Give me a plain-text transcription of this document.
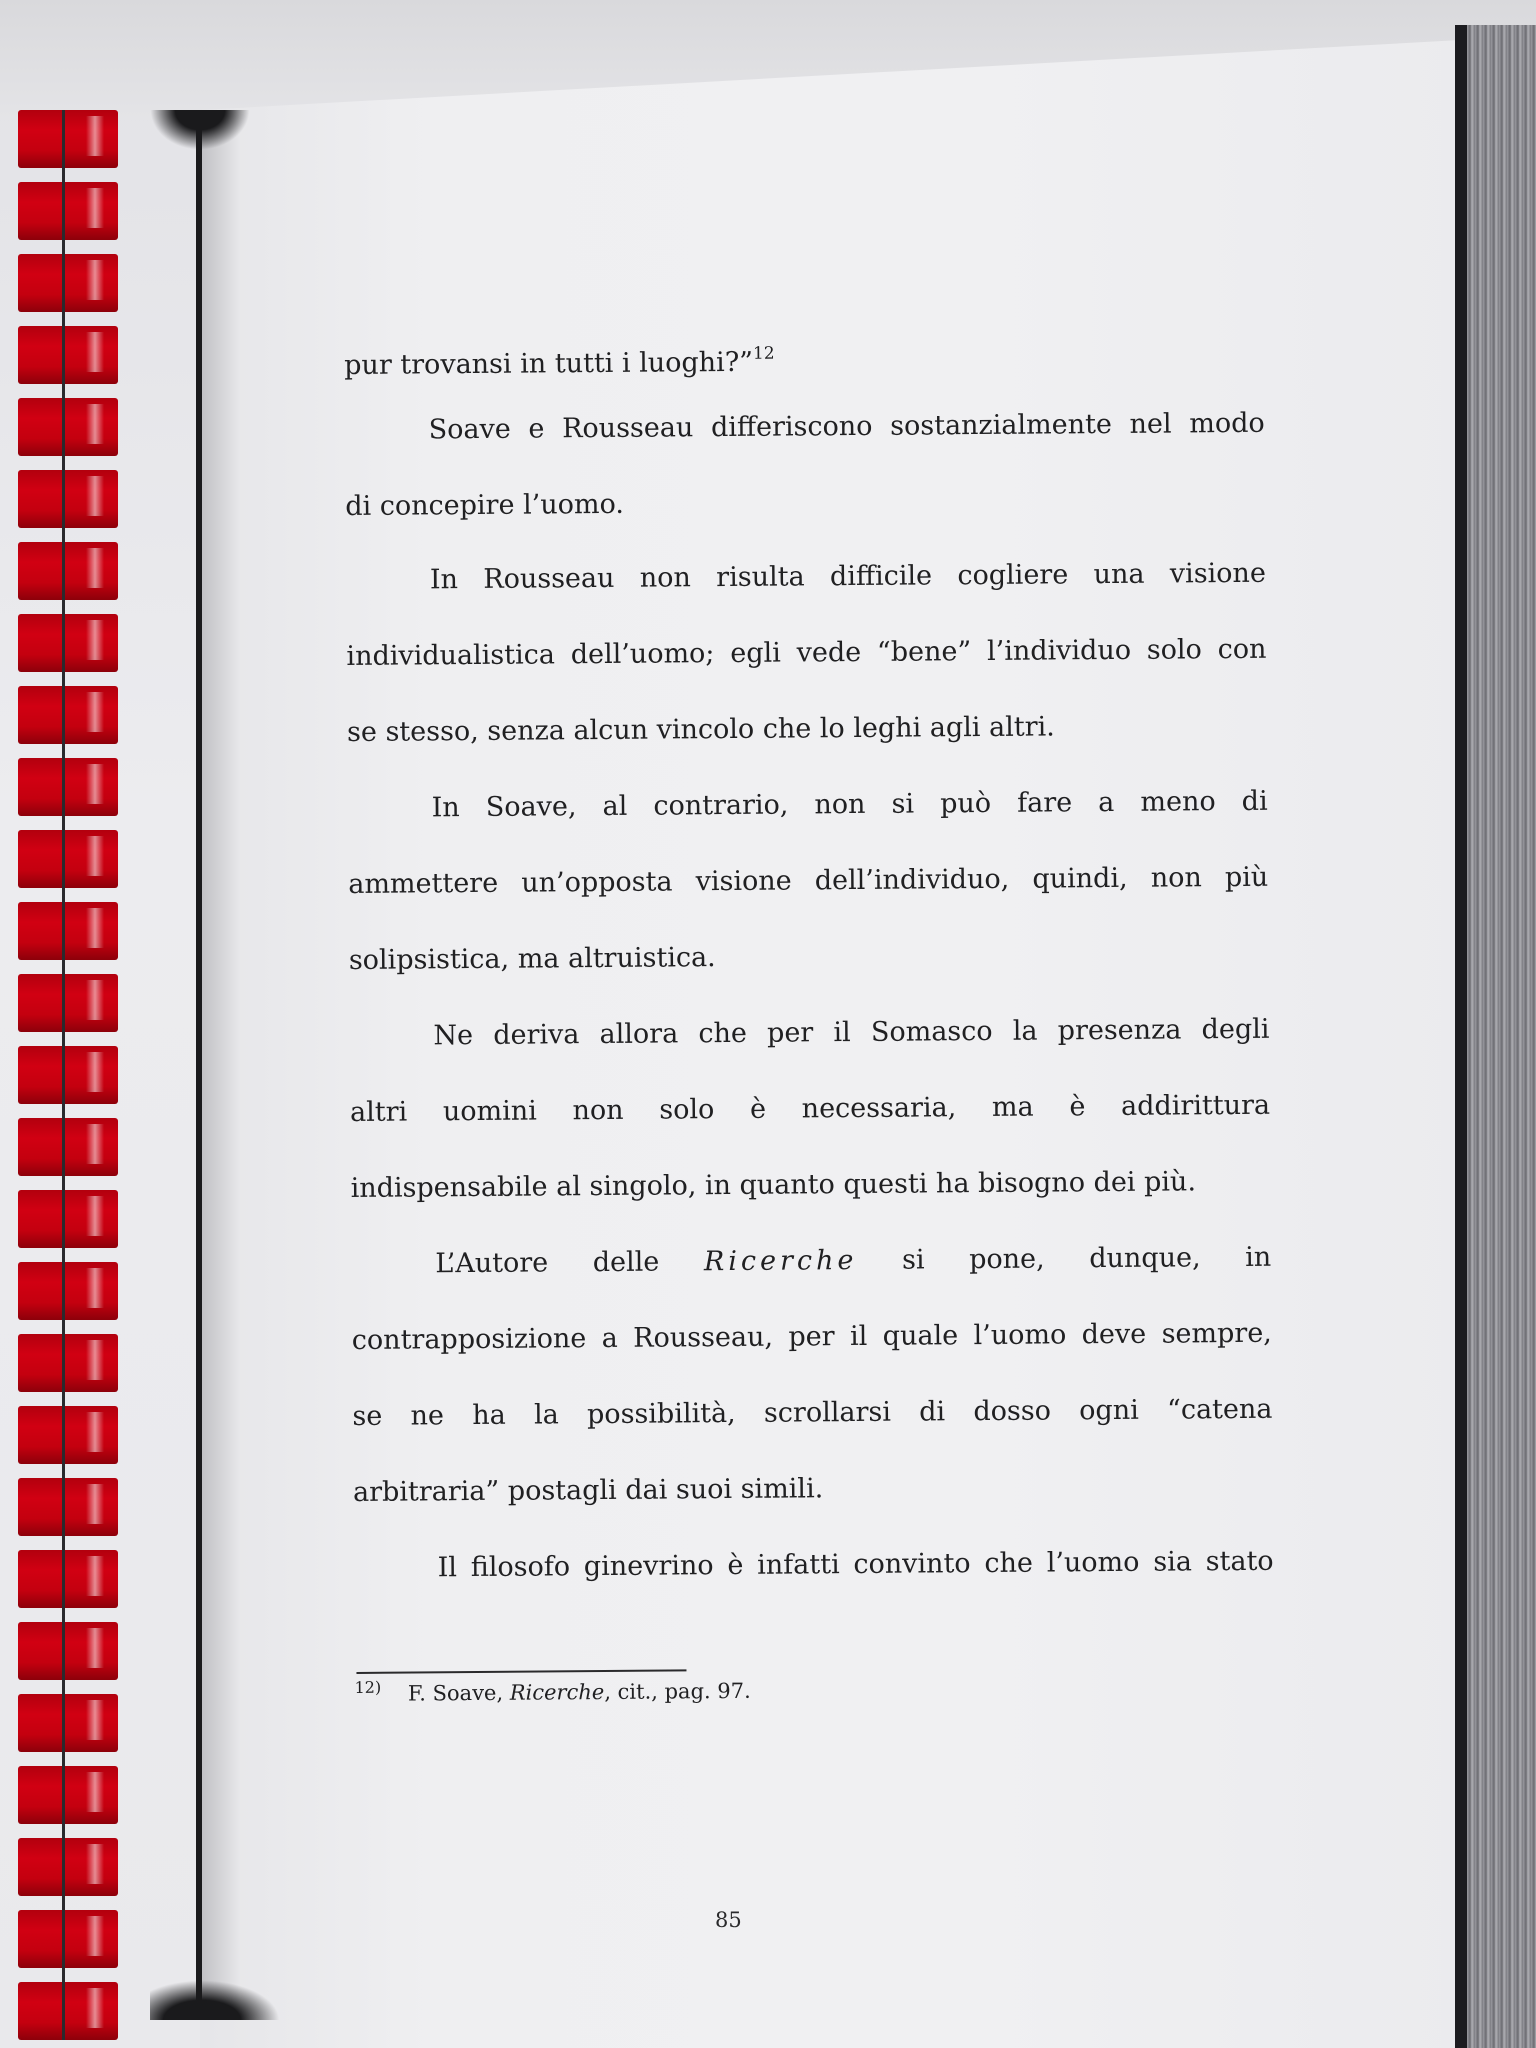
pur trovansi in tutti i luoghi?”$^{12}$
Soave e Rousseau differiscono sostanzialmente nel modo
di concepire l’uomo.
In Rousseau non risulta difficile cogliere una visione
individualistica dell’uomo; egli vede “bene” l’individuo solo con
se stesso, senza alcun vincolo che lo leghi agli altri.
In Soave, al contrario, non si può fare a meno di
ammettere un’opposta visione dell’individuo, quindi, non più
solipsistica, ma altruistica.
Ne deriva allora che per il Somasco la presenza degli
altri uomini non solo è necessaria, ma è addirittura
indispensabile al singolo, in quanto questi ha bisogno dei più.
L’Autore delle Ricerche si pone, dunque, in
contrapposizione a Rousseau, per il quale l’uomo deve sempre,
se ne ha la possibilità, scrollarsi di dosso ogni “catena
arbitraria” postagli dai suoi simili.
Il filosofo ginevrino è infatti convinto che l’uomo sia stato
$^{12)}$ F. Soave, Ricerche, cit., pag. 97.
85
